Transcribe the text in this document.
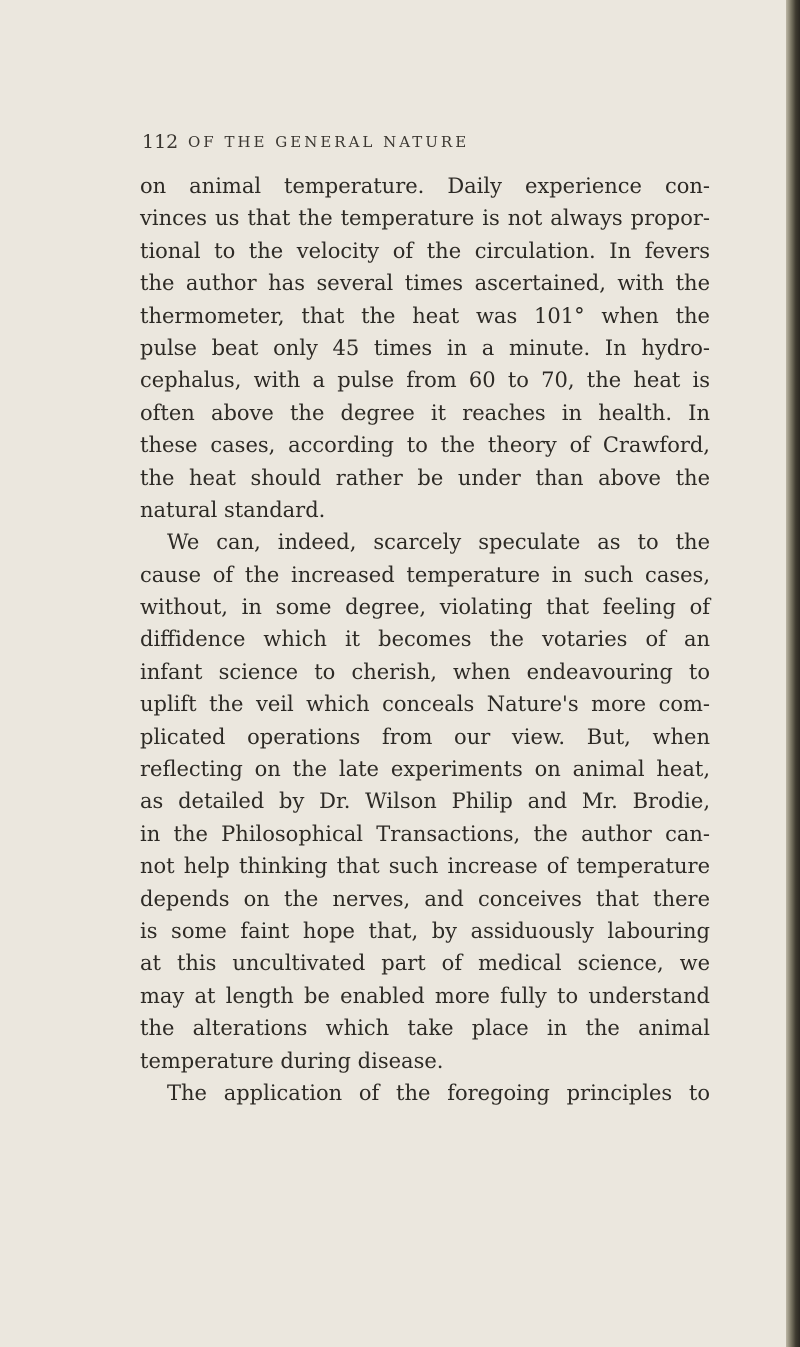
112 OF THE GENERAL NATURE
on animal temperature. Daily experience con-
vinces us that the temperature is not always propor-
tional to the velocity of the circulation. In fevers
the author has several times ascertained, with the
thermometer, that the heat was 101° when the
pulse beat only 45 times in a minute. In hydro-
cephalus, with a pulse from 60 to 70, the heat is
often above the degree it reaches in health. In
these cases, according to the theory of Crawford,
the heat should rather be under than above the
natural standard.
We can, indeed, scarcely speculate as to the
cause of the increased temperature in such cases,
without, in some degree, violating that feeling of
diffidence which it becomes the votaries of an
infant science to cherish, when endeavouring to
uplift the veil which conceals Nature's more com-
plicated operations from our view. But, when
reflecting on the late experiments on animal heat,
as detailed by Dr. Wilson Philip and Mr. Brodie,
in the Philosophical Transactions, the author can-
not help thinking that such increase of temperature
depends on the nerves, and conceives that there
is some faint hope that, by assiduously labouring
at this uncultivated part of medical science, we
may at length be enabled more fully to understand
the alterations which take place in the animal
temperature during disease.
The application of the foregoing principles to
